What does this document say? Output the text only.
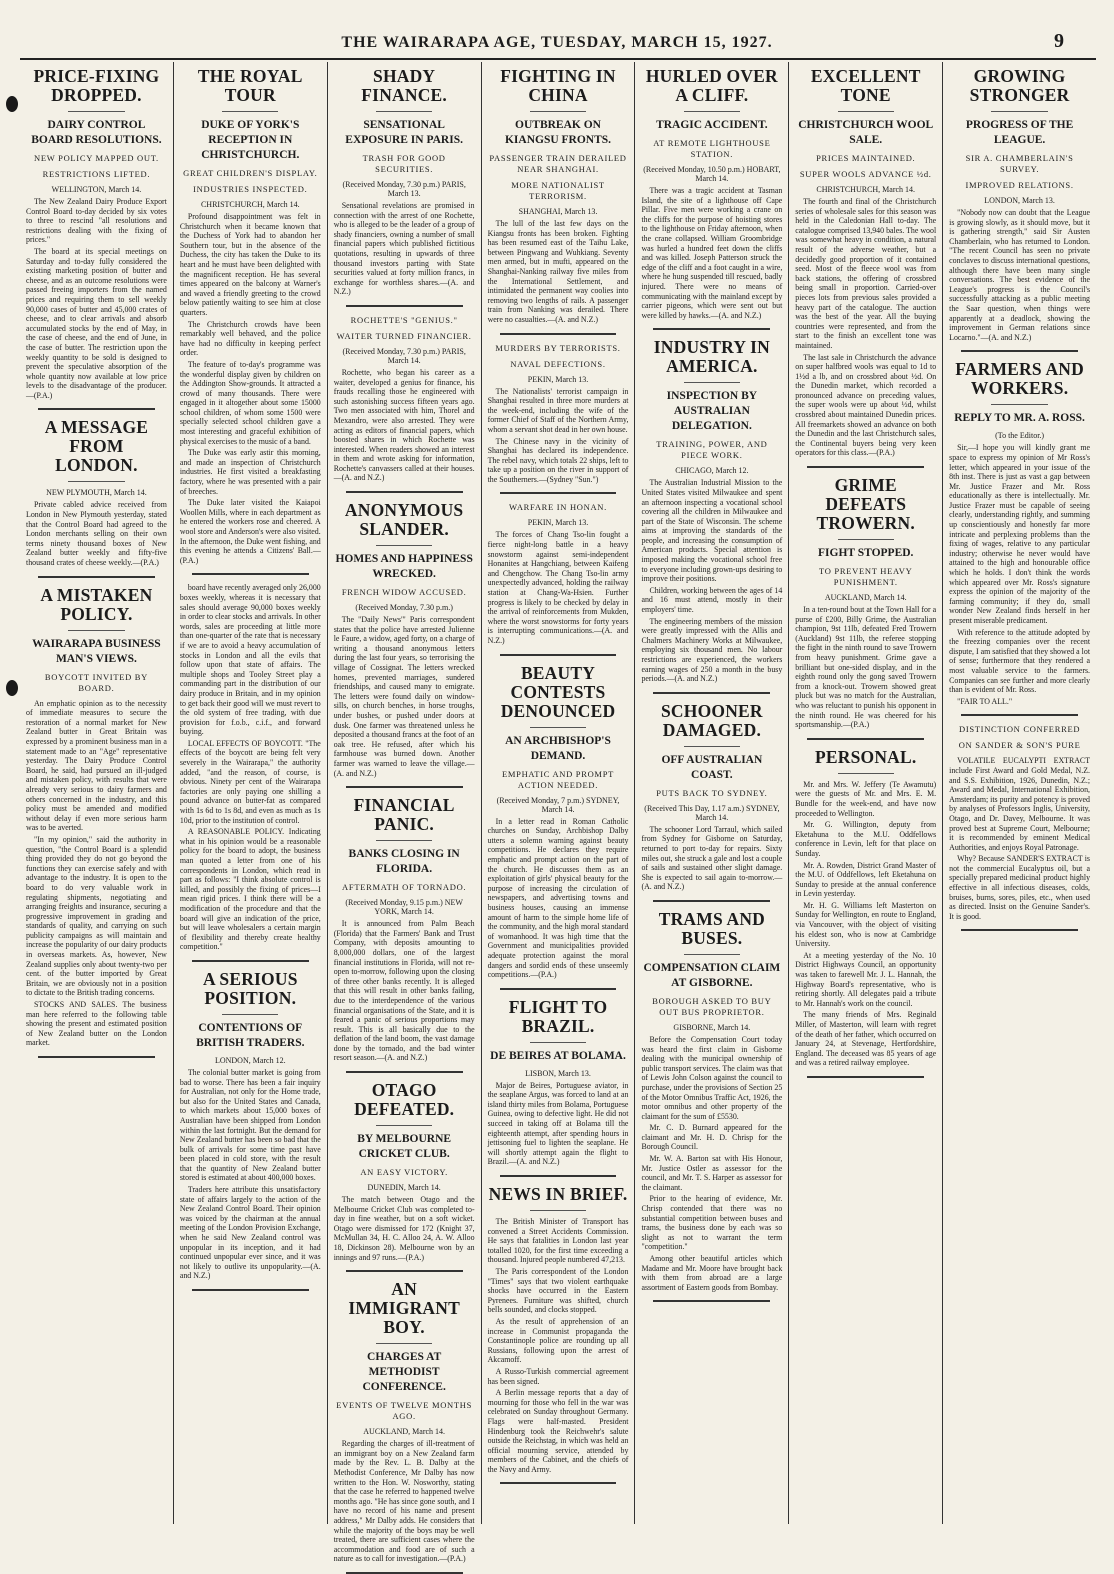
THE WAIRARAPA AGE, TUESDAY, MARCH 15, 1927.	9
PRICE-FIXING DROPPED.
DAIRY CONTROL BOARD RESOLUTIONS.
NEW POLICY MAPPED OUT.
RESTRICTIONS LIFTED.
WELLINGTON, March 14.

The New Zealand Dairy Produce Export Control Board to-day decided by six votes to three to rescind "all resolutions and restrictions dealing with the fixing of prices."

The board at its special meetings on Saturday and to-day fully considered the existing marketing position of butter and cheese, and as an outcome resolutions were passed freeing importers from the named prices and requiring them to sell weekly 90,000 cases of butter and 45,000 crates of cheese, and to clear arrivals and absorb accumulated stocks by the end of May, in the case of cheese, and the end of June, in the case of butter. The restriction upon the weekly quantity to be sold is designed to prevent the speculative absorption of the whole quantity now available at low price levels to the disadvantage of the producer.—(P.A.)

A MESSAGE FROM LONDON.
NEW PLYMOUTH, March 14.

Private cabled advice received from London in New Plymouth yesterday, stated that the Control Board had agreed to the London merchants selling on their own terms ninety thousand boxes of New Zealand butter weekly and fifty-five thousand crates of cheese weekly.—(P.A.)

A MISTAKEN POLICY.
WAIRARAPA BUSINESS MAN'S VIEWS.
BOYCOTT INVITED BY BOARD.

An emphatic opinion as to the necessity of immediate measures to secure the restoration of a normal market for New Zealand butter in Great Britain was expressed by a prominent business man in a statement made to an "Age" representative yesterday. The Dairy Produce Control Board, he said, had pursued an ill-judged and mistaken policy, with results that were already very serious to dairy farmers and others concerned in the industry, and this policy must be amended and modified without delay if even more serious harm was to be averted.

"In my opinion," said the authority in question, "the Control Board is a splendid thing provided they do not go beyond the functions they can exercise safely and with advantage to the industry. It is open to the board to do very valuable work in regulating shipments, negotiating and arranging freights and insurance, securing a progressive improvement in grading and standards of quality, and carrying on such publicity campaigns as will maintain and increase the popularity of our dairy products in overseas markets. As, however, New Zealand supplies only about twenty-two per cent. of the butter imported by Great Britain, we are obviously not in a position to dictate to the British trading concerns.

STOCKS AND SALES. The business man here referred to the following table showing the present and estimated position of New Zealand butter on the London market.

THE ROYAL TOUR
DUKE OF YORK'S RECEPTION IN CHRISTCHURCH.
GREAT CHILDREN'S DISPLAY.
INDUSTRIES INSPECTED.
CHRISTCHURCH, March 14.

Profound disappointment was felt in Christchurch when it became known that the Duchess of York had to abandon her Southern tour, but in the absence of the Duchess, the city has taken the Duke to its heart and he must have been delighted with the magnificent reception. He has several times appeared on the balcony at Warner's and waved a friendly greeting to the crowd below patiently waiting to see him at close quarters.

The Christchurch crowds have been remarkably well behaved, and the police have had no difficulty in keeping perfect order.

The feature of to-day's programme was the wonderful display given by children on the Addington Show-grounds. It attracted a crowd of many thousands. There were engaged in it altogether about some 15000 school children, of whom some 1500 were specially selected school children gave a most interesting and graceful exhibition of physical exercises to the music of a band.

The Duke was early astir this morning, and made an inspection of Christchurch industries. He first visited a breakfasting factory, where he was presented with a pair of breeches.

The Duke later visited the Kaiapoi Woollen Mills, where in each department as he entered the workers rose and cheered. A wool store and Anderson's were also visited. In the afternoon, the Duke went fishing, and this evening he attends a Citizens' Ball.—(P.A.)

board have recently averaged only 26,000 boxes weekly, whereas it is necessary that sales should average 90,000 boxes weekly in order to clear stocks and arrivals. In other words, sales are proceeding at little more than one-quarter of the rate that is necessary if we are to avoid a heavy accumulation of stocks in London and all the evils that follow upon that state of affairs. The multiple shops and Tooley Street play a commanding part in the distribution of our dairy produce in Britain, and in my opinion to get back their good will we must revert to the old system of free trading, with due provision for f.o.b., c.i.f., and forward buying.

LOCAL EFFECTS OF BOYCOTT. "The effects of the boycott are being felt very severely in the Wairarapa," the authority added, "and the reason, of course, is obvious. Ninety per cent of the Wairarapa factories are only paying one shilling a pound advance on butter-fat as compared with 1s 6d to 1s 8d, and even as much as 1s 10d, prior to the institution of control.

A REASONABLE POLICY. Indicating what in his opinion would be a reasonable policy for the board to adopt, the business man quoted a letter from one of his correspondents in London, which read in part as follows: "I think absolute control is killed, and possibly the fixing of prices—I mean rigid prices. I think there will be a modification of the procedure and that the board will give an indication of the price, but will leave wholesalers a certain margin of flexibility and thereby create healthy competition."

A SERIOUS POSITION.
CONTENTIONS OF BRITISH TRADERS.
LONDON, March 12.

The colonial butter market is going from bad to worse. There has been a fair inquiry for Australian, not only for the Home trade, but also for the United States and Canada, to which markets about 15,000 boxes of Australian have been shipped from London within the last fortnight. But the demand for New Zealand butter has been so bad that the bulk of arrivals for some time past have been placed in cold store, with the result that the quantity of New Zealand butter stored is estimated at about 400,000 boxes.

Traders here attribute this unsatisfactory state of affairs largely to the action of the New Zealand Control Board. Their opinion was voiced by the chairman at the annual meeting of the London Provision Exchange, when he said New Zealand control was unpopular in its inception, and it had continued unpopular ever since, and it was not likely to outlive its unpopularity.—(A. and N.Z.)

SHADY FINANCE.
SENSATIONAL EXPOSURE IN PARIS.
TRASH FOR GOOD SECURITIES.
(Received Monday, 7.30 p.m.) PARIS, March 13.

Sensational revelations are promised in connection with the arrest of one Rochette, who is alleged to be the leader of a group of shady financiers, owning a number of small financial papers which published fictitious quotations, resulting in upwards of three thousand investors parting with State securities valued at forty million francs, in exchange for worthless shares.—(A. and N.Z.)

ROCHETTE'S "GENIUS."
WAITER TURNED FINANCIER.
(Received Monday, 7.30 p.m.) PARIS, March 14.

Rochette, who began his career as a waiter, developed a genius for finance, his frauds recalling those he engineered with such astonishing success fifteen years ago. Two men associated with him, Thorel and Mexandro, were also arrested. They were acting as editors of financial papers, which boosted shares in which Rochette was interested. When readers showed an interest in them and wrote asking for information, Rochette's canvassers called at their houses.—(A. and N.Z.)

ANONYMOUS SLANDER.
HOMES AND HAPPINESS WRECKED.
FRENCH WIDOW ACCUSED.
(Received Monday, 7.30 p.m.)

The "Daily News'" Paris correspondent states that the police have arrested Julienne le Faure, a widow, aged forty, on a charge of writing a thousand anonymous letters during the last four years, so terrorising the village of Cossignat. The letters wrecked homes, prevented marriages, sundered friendships, and caused many to emigrate. The letters were found daily on window-sills, on church benches, in horse troughs, under bushes, or pushed under doors at dusk. One farmer was threatened unless he deposited a thousand francs at the foot of an oak tree. He refused, after which his farmhouse was burned down. Another farmer was warned to leave the village.—(A. and N.Z.)

FINANCIAL PANIC.
BANKS CLOSING IN FLORIDA.
AFTERMATH OF TORNADO.
(Received Monday, 9.15 p.m.) NEW YORK, March 14.

It is announced from Palm Beach (Florida) that the Farmers' Bank and Trust Company, with deposits amounting to 8,000,000 dollars, one of the largest financial institutions in Florida, will not re-open to-morrow, following upon the closing of three other banks recently. It is alleged that this will result in other banks failing, due to the interdependence of the various financial organisations of the State, and it is feared a panic of serious proportions may result. This is all basically due to the deflation of the land boom, the vast damage done by the tornado, and the bad winter resort season.—(A. and N.Z.)

OTAGO DEFEATED.
BY MELBOURNE CRICKET CLUB.
AN EASY VICTORY.
DUNEDIN, March 14.

The match between Otago and the Melbourne Cricket Club was completed to-day in fine weather, but on a soft wicket. Otago were dismissed for 172 (Knight 37, McMullan 34, H. C. Alloo 24, A. W. Alloo 18, Dickinson 28). Melbourne won by an innings and 97 runs.—(P.A.)

AN IMMIGRANT BOY.
CHARGES AT METHODIST CONFERENCE.
EVENTS OF TWELVE MONTHS AGO.
AUCKLAND, March 14.

Regarding the charges of ill-treatment of an immigrant boy on a New Zealand farm made by the Rev. L. B. Dalby at the Methodist Conference, Mr Dalby has now written to the Hon. W. Nosworthy, stating that the case he referred to happened twelve months ago. "He has since gone south, and I have no record of his name and present address," Mr Dalby adds. He considers that while the majority of the boys may be well treated, there are sufficient cases where the accommodation and food are of such a nature as to call for investigation.—(P.A.)

FIGHTING IN CHINA
OUTBREAK ON KIANGSU FRONTS.
PASSENGER TRAIN DERAILED NEAR SHANGHAI.
MORE NATIONALIST TERRORISM.
SHANGHAI, March 13.

The lull of the last few days on the Kiangsu fronts has been broken. Fighting has been resumed east of the Taihu Lake, between Pingwang and Wuhkiang. Seventy men armed, but in mufti, appeared on the Shanghai-Nanking railway five miles from the International Settlement, and intimidated the permanent way coolies into removing two lengths of rails. A passenger train from Nanking was derailed. There were no casualties.—(A. and N.Z.)

MURDERS BY TERRORISTS.
NAVAL DEFECTIONS.
PEKIN, March 13.

The Nationalists' terrorist campaign in Shanghai resulted in three more murders at the week-end, including the wife of the former Chief of Staff of the Northern Army, whom a servant shot dead in her own house.

The Chinese navy in the vicinity of Shanghai has declared its independence. The rebel navy, which totals 22 ships, left to take up a position on the river in support of the Southerners.—(Sydney "Sun.")

WARFARE IN HONAN.
PEKIN, March 13.

The forces of Chang Tso-lin fought a fierce night-long battle in a heavy snowstorm against semi-independent Honanites at Hangchiang, between Kaifeng and Chengchow. The Chang Tso-lin army unexpectedly advanced, holding the railway station at Chang-Wa-Hsien. Further progress is likely to be checked by delay in the arrival of reinforcements from Mukden, where the worst snowstorms for forty years is interrupting communications.—(A. and N.Z.)

BEAUTY CONTESTS DENOUNCED
AN ARCHBISHOP'S DEMAND.
EMPHATIC AND PROMPT ACTION NEEDED.
(Received Monday, 7 p.m.) SYDNEY, March 14.

In a letter read in Roman Catholic churches on Sunday, Archbishop Dalby utters a solemn warning against beauty competitions. He declares they require emphatic and prompt action on the part of the church. He discusses them as an exploitation of girls' physical beauty for the purpose of increasing the circulation of newspapers, and advertising towns and business houses, causing an immense amount of harm to the simple home life of the community, and the high moral standard of womanhood. It was high time that the Government and municipalities provided adequate protection against the moral dangers and sordid ends of these unseemly competitions.—(P.A.)

FLIGHT TO BRAZIL.
DE BEIRES AT BOLAMA.
LISBON, March 13.

Major de Beires, Portuguese aviator, in the seaplane Argus, was forced to land at an island thirty miles from Bolama, Portuguese Guinea, owing to defective light. He did not succeed in taking off at Bolama till the eighteenth attempt, after spending hours in jettisoning fuel to lighten the seaplane. He will shortly attempt again the flight to Brazil.—(A. and N.Z.)

NEWS IN BRIEF.

The British Minister of Transport has convened a Street Accidents Commission. He says that fatalities in London last year totalled 1020, for the first time exceeding a thousand. Injured people numbered 47,213.

The Paris correspondent of the London "Times" says that two violent earthquake shocks have occurred in the Eastern Pyrenees. Furniture was shifted, church bells sounded, and clocks stopped.

As the result of apprehension of an increase in Communist propaganda the Constantinople police are rounding up all Russians, following upon the arrest of Akcamoff.

A Russo-Turkish commercial agreement has been signed.

A Berlin message reports that a day of mourning for those who fell in the war was celebrated on Sunday throughout Germany. Flags were half-masted. President Hindenburg took the Reichwehr's salute outside the Reichstag, in which was held an official mourning service, attended by members of the Cabinet, and the chiefs of the Navy and Army.

HURLED OVER A CLIFF.
TRAGIC ACCIDENT.
AT REMOTE LIGHTHOUSE STATION.
(Received Monday, 10.50 p.m.) HOBART, March 14.

There was a tragic accident at Tasman Island, the site of a lighthouse off Cape Pillar. Five men were working a crane on the cliffs for the purpose of hoisting stores to the lighthouse on Friday afternoon, when the crane collapsed. William Groombridge was hurled a hundred feet down the cliffs and was killed. Joseph Patterson struck the edge of the cliff and a foot caught in a wire, where he hung suspended till rescued, badly injured. There were no means of communicating with the mainland except by carrier pigeons, which were sent out but were killed by hawks.—(A. and N.Z.)

INDUSTRY IN AMERICA.
INSPECTION BY AUSTRALIAN DELEGATION.
TRAINING, POWER, AND PIECE WORK.
CHICAGO, March 12.

The Australian Industrial Mission to the United States visited Milwaukee and spent an afternoon inspecting a vocational school covering all the children in Milwaukee and part of the State of Wisconsin. The scheme aims at improving the standards of the people, and increasing the consumption of American products. Special attention is imposed making the vocational school free to everyone including grown-ups desiring to improve their positions.

Children, working between the ages of 14 and 16 must attend, mostly in their employers' time.

The engineering members of the mission were greatly impressed with the Allis and Chalmers Machinery Works at Milwaukee, employing six thousand men. No labour restrictions are experienced, the workers earning wages of 250 a month in the busy periods.—(A. and N.Z.)

SCHOONER DAMAGED.
OFF AUSTRALIAN COAST.
PUTS BACK TO SYDNEY.
(Received This Day, 1.17 a.m.) SYDNEY, March 14.

The schooner Lord Tarraul, which sailed from Sydney for Gisborne on Saturday, returned to port to-day for repairs. Sixty miles out, she struck a gale and lost a couple of sails and sustained other slight damage. She is expected to sail again to-morrow.—(A. and N.Z.)

TRAMS AND BUSES.
COMPENSATION CLAIM AT GISBORNE.
BOROUGH ASKED TO BUY OUT BUS PROPRIETOR.
GISBORNE, March 14.

Before the Compensation Court today was heard the first claim in Gisborne dealing with the municipal ownership of public transport services. The claim was that of Lewis John Colson against the council to purchase, under the provisions of Section 25 of the Motor Omnibus Traffic Act, 1926, the motor omnibus and other property of the claimant for the sum of £5530.

Mr. C. D. Burnard appeared for the claimant and Mr. H. D. Chrisp for the Borough Council.

Mr. W. A. Barton sat with His Honour, Mr. Justice Ostler as assessor for the council, and Mr. T. S. Harper as assessor for the claimant.

Prior to the hearing of evidence, Mr. Chrisp contended that there was no substantial competition between buses and trams, the business done by each was so slight as not to warrant the term "competition."

Among other beautiful articles which Madame and Mr. Moore have brought back with them from abroad are a large assortment of Eastern goods from Bombay.

EXCELLENT TONE
CHRISTCHURCH WOOL SALE.
PRICES MAINTAINED.
SUPER WOOLS ADVANCE ½d.
CHRISTCHURCH, March 14.

The fourth and final of the Christchurch series of wholesale sales for this season was held in the Caledonian Hall to-day. The catalogue comprised 13,940 bales. The wool was somewhat heavy in condition, a natural result of the adverse weather, but a decidedly good proportion of it contained seed. Most of the fleece wool was from back stations, the offering of crossbred being small in proportion. Carried-over pieces lots from previous sales provided a heavy part of the catalogue. The auction was the best of the year. All the buying countries were represented, and from the start to the finish an excellent tone was maintained.

The last sale in Christchurch the advance on super halfbred wools was equal to 1d to 1½d a lb, and on crossbred about ½d. On the Dunedin market, which recorded a pronounced advance on preceding values, the super wools were up about ½d, whilst crossbred about maintained Dunedin prices. All freemarkets showed an advance on both the Dunedin and the last Christchurch sales, the Continental buyers being very keen operators for this class.—(P.A.)

GRIME DEFEATS TROWERN.
FIGHT STOPPED.
TO PREVENT HEAVY PUNISHMENT.
AUCKLAND, March 14.

In a ten-round bout at the Town Hall for a purse of £200, Billy Grime, the Australian champion, 9st 11lb, defeated Fred Trowern (Auckland) 9st 11lb, the referee stopping the fight in the ninth round to save Trowern from heavy punishment. Grime gave a brilliant but one-sided display, and in the eighth round only the gong saved Trowern from a knock-out. Trowern showed great pluck but was no match for the Australian, who was reluctant to punish his opponent in the ninth round. He was cheered for his sportsmanship.—(P.A.)

PERSONAL.

Mr. and Mrs. W. Jeffery (Te Awamutu) were the guests of Mr. and Mrs. E. M. Bundle for the week-end, and have now proceeded to Wellington.

Mr. G. Willington, deputy from Eketahuna to the M.U. Oddfellows conference in Levin, left for that place on Sunday.

Mr. A. Rowden, District Grand Master of the M.U. of Oddfellows, left Eketahuna on Sunday to preside at the annual conference in Levin yesterday.

Mr. H. G. Williams left Masterton on Sunday for Wellington, en route to England, via Vancouver, with the object of visiting his eldest son, who is now at Cambridge University.

At a meeting yesterday of the No. 10 District Highways Council, an opportunity was taken to farewell Mr. J. L. Hannah, the Highway Board's representative, who is retiring shortly. All delegates paid a tribute to Mr. Hannah's work on the council.

The many friends of Mrs. Reginald Miller, of Masterton, will learn with regret of the death of her father, which occurred on January 24, at Stevenage, Hertfordshire, England. The deceased was 85 years of age and was a retired railway employee.

GROWING STRONGER
PROGRESS OF THE LEAGUE.
SIR A. CHAMBERLAIN'S SURVEY.
IMPROVED RELATIONS.
LONDON, March 13.

"Nobody now can doubt that the League is growing slowly, as it should move, but it is gathering strength," said Sir Austen Chamberlain, who has returned to London. "The recent Council has seen no private conclaves to discuss international questions, although there have been many single conversations. The best evidence of the League's progress is the Council's successfully attacking as a public meeting the Saar question, when things were apparently at a deadlock, showing the improvement in German relations since Locarno."—(A. and N.Z.)

FARMERS AND WORKERS.
REPLY TO MR. A. ROSS.
(To the Editor.)

Sir,—I hope you will kindly grant me space to express my opinion of Mr Ross's letter, which appeared in your issue of the 8th inst. There is just as vast a gap between Mr. Justice Frazer and Mr. Ross educationally as there is intellectually. Mr. Justice Frazer must be capable of seeing clearly, understanding rightly, and summing up conscientiously and honestly far more intricate and perplexing problems than the fixing of wages, relative to any particular industry; otherwise he never would have attained to the high and honourable office which he holds. I don't think the words which appeared over Mr. Ross's signature express the opinion of the majority of the farming community; if they do, small wonder New Zealand finds herself in her present miserable predicament.

With reference to the attitude adopted by the freezing companies over the recent dispute, I am satisfied that they showed a lot of sense; furthermore that they rendered a most valuable service to the farmers. Companies can see further and more clearly than is evident of Mr. Ross.

"FAIR TO ALL."

DISTINCTION CONFERRED
ON SANDER & SON'S PURE

VOLATILE EUCALYPTI EXTRACT include First Award and Gold Medal, N.Z. and S.S. Exhibition, 1926, Dunedin, N.Z.; Award and Medal, International Exhibition, Amsterdam; its purity and potency is proved by analyses of Professors Inglis, University, Otago, and Dr. Davey, Melbourne. It was proved best at Supreme Court, Melbourne; it is recommended by eminent Medical Authorities, and enjoys Royal Patronage.

Why? Because SANDER'S EXTRACT is not the commercial Eucalyptus oil, but a specially prepared medicinal product highly effective in all infectious diseases, colds, bruises, burns, sores, piles, etc., when used as directed. Insist on the Genuine Sander's. It is good.
